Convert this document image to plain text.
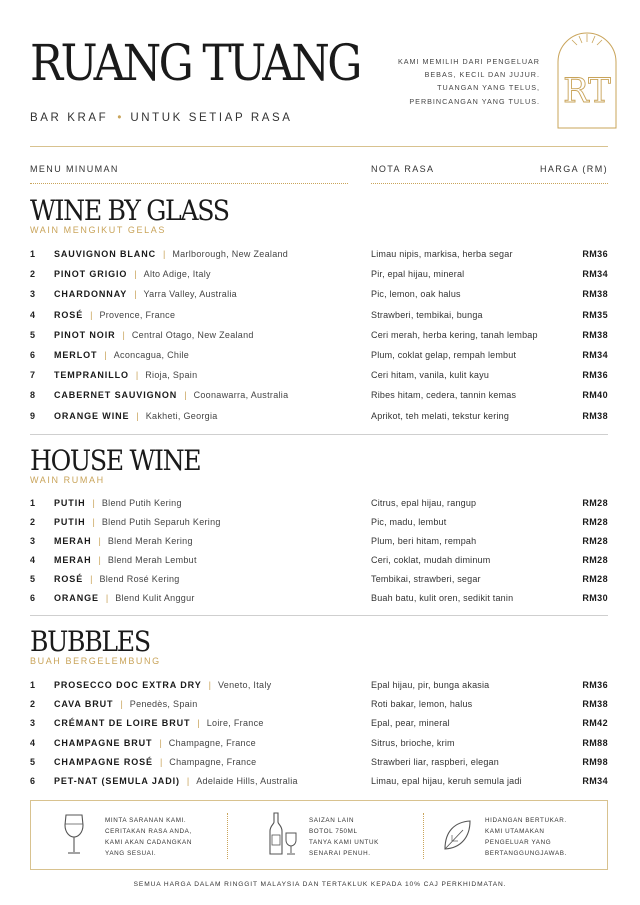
RUANG TUANG
BAR KRAF • UNTUK SETIAP RASA
KAMI MEMILIH DARI PENGELUAR
BEBAS, KECIL DAN JUJUR.
TUANGAN YANG TELUS,
PERBINCANGAN YANG TULUS. RT
MENU MINUMAN	NOTA RASA	HARGA (RM)
WINE BY GLASS
WAIN MENGIKUT GELAS
1	SAUVIGNON BLANC | Marlborough, New Zealand	Limau nipis, markisa, herba segar	RM36
2	PINOT GRIGIO | Alto Adige, Italy	Pir, epal hijau, mineral	RM34
3	CHARDONNAY | Yarra Valley, Australia	Pic, lemon, oak halus	RM38
4	ROSÉ | Provence, France	Strawberi, tembikai, bunga	RM35
5	PINOT NOIR | Central Otago, New Zealand	Ceri merah, herba kering, tanah lembap	RM38
6	MERLOT | Aconcagua, Chile	Plum, coklat gelap, rempah lembut	RM34
7	TEMPRANILLO | Rioja, Spain	Ceri hitam, vanila, kulit kayu	RM36
8	CABERNET SAUVIGNON | Coonawarra, Australia	Ribes hitam, cedera, tannin kemas	RM40
9	ORANGE WINE | Kakheti, Georgia	Aprikot, teh melati, tekstur kering	RM38
HOUSE WINE
WAIN RUMAH
1	PUTIH | Blend Putih Kering	Citrus, epal hijau, rangup	RM28
2	PUTIH | Blend Putih Separuh Kering	Pic, madu, lembut	RM28
3	MERAH | Blend Merah Kering	Plum, beri hitam, rempah	RM28
4	MERAH | Blend Merah Lembut	Ceri, coklat, mudah diminum	RM28
5	ROSÉ | Blend Rosé Kering	Tembikai, strawberi, segar	RM28
6	ORANGE | Blend Kulit Anggur	Buah batu, kulit oren, sedikit tanin	RM30
BUBBLES
BUAH BERGELEMBUNG
1	PROSECCO DOC EXTRA DRY | Veneto, Italy	Epal hijau, pir, bunga akasia	RM36
2	CAVA BRUT | Penedès, Spain	Roti bakar, lemon, halus	RM38
3	CRÉMANT DE LOIRE BRUT | Loire, France	Epal, pear, mineral	RM42
4	CHAMPAGNE BRUT | Champagne, France	Sitrus, brioche, krim	RM88
5	CHAMPAGNE ROSÉ | Champagne, France	Strawberi liar, raspberi, elegan	RM98
6	PET-NAT (SEMULA JADI) | Adelaide Hills, Australia	Limau, epal hijau, keruh semula jadi	RM34
MINTA SARANAN KAMI.
CERITAKAN RASA ANDA,
KAMI AKAN CADANGKAN
YANG SESUAI.
SAIZAN LAIN
BOTOL 750ML
TANYA KAMI UNTUK
SENARAI PENUH.
HIDANGAN BERTUKAR.
KAMI UTAMAKAN
PENGELUAR YANG
BERTANGGUNGJAWAB.
SEMUA HARGA DALAM RINGGIT MALAYSIA DAN TERTAKLUK KEPADA 10% CAJ PERKHIDMATAN.
